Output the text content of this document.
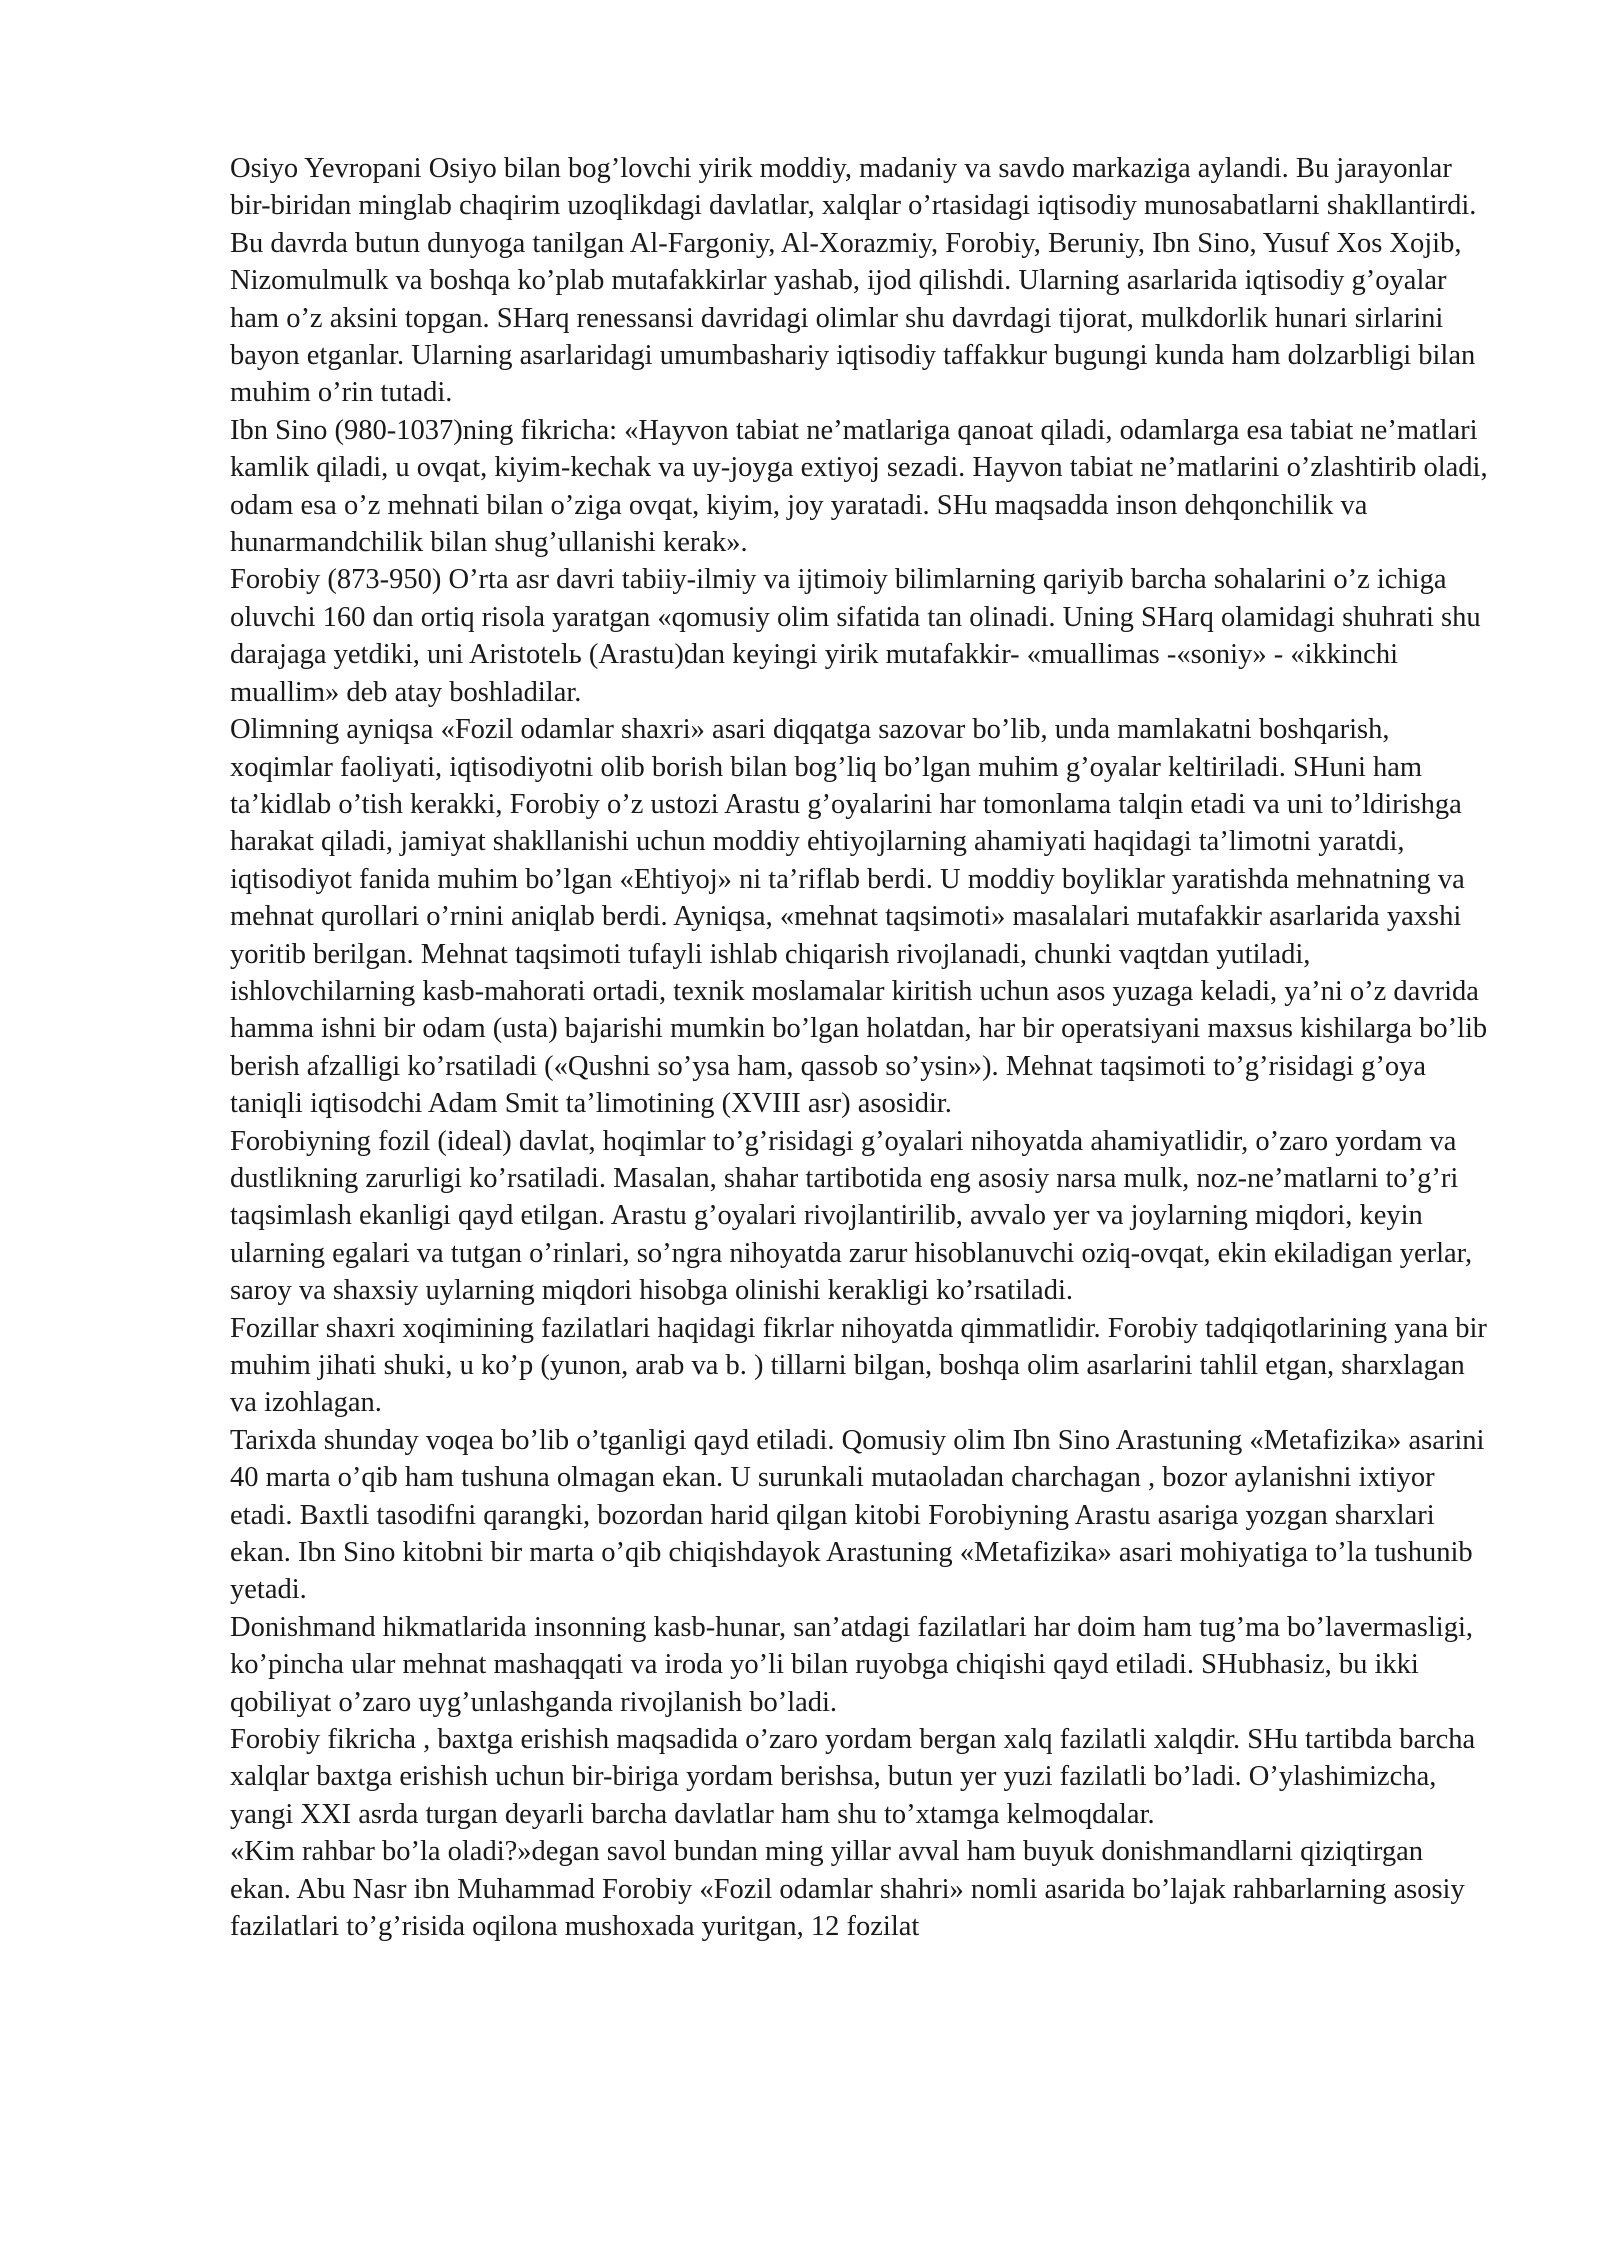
Osiyo Yevropani Osiyo bilan bog’lovchi yirik moddiy, madaniy va savdo markaziga aylandi. Bu jarayonlar bir-biridan minglab chaqirim uzoqlikdagi davlatlar, xalqlar o’rtasidagi iqtisodiy munosabatlarni shakllantirdi.

Bu davrda butun dunyoga tanilgan Al-Fargoniy, Al-Xorazmiy, Forobiy, Beruniy, Ibn Sino, Yusuf Xos Xojib, Nizomulmulk va boshqa ko’plab mutafakkirlar yashab, ijod qilishdi. Ularning asarlarida iqtisodiy g’oyalar ham o’z aksini topgan. SHarq renessansi davridagi olimlar shu davrdagi tijorat, mulkdorlik hunari sirlarini bayon etganlar. Ularning asarlaridagi umumbashariy iqtisodiy taffakkur bugungi kunda ham dolzarbligi bilan muhim o’rin tutadi.

Ibn Sino (980-1037)ning fikricha: «Hayvon tabiat ne’matlariga qanoat qiladi, odamlarga esa tabiat ne’matlari kamlik qiladi, u ovqat, kiyim-kechak va uy-joyga extiyoj sezadi. Hayvon tabiat ne’matlarini o’zlashtirib oladi, odam esa o’z mehnati bilan o’ziga ovqat, kiyim, joy yaratadi. SHu maqsadda inson dehqonchilik va hunarmandchilik bilan shug’ullanishi kerak».

Forobiy (873-950) O’rta asr davri tabiiy-ilmiy va ijtimoiy bilimlarning qariyib barcha sohalarini o’z ichiga oluvchi 160 dan ortiq risola yaratgan «qomusiy olim sifatida tan olinadi. Uning SHarq olamidagi shuhrati shu darajaga yetdiki, uni Aristotelь (Arastu)dan keyingi yirik mutafakkir- «muallimas -«soniy» - «ikkinchi muallim» deb atay boshladilar.

Olimning ayniqsa «Fozil odamlar shaxri» asari diqqatga sazovar bo’lib, unda mamlakatni boshqarish, xoqimlar faoliyati, iqtisodiyotni olib borish bilan bog’liq bo’lgan muhim g’oyalar keltiriladi. SHuni ham ta’kidlab o’tish kerakki, Forobiy o’z ustozi Arastu g’oyalarini har tomonlama talqin etadi va uni to’ldirishga harakat qiladi, jamiyat shakllanishi uchun moddiy ehtiyojlarning ahamiyati haqidagi ta’limotni yaratdi, iqtisodiyot fanida muhim bo’lgan «Ehtiyoj» ni ta’riflab berdi. U moddiy boyliklar yaratishda mehnatning va mehnat qurollari o’rnini aniqlab berdi. Ayniqsa, «mehnat taqsimoti» masalalari mutafakkir asarlarida yaxshi yoritib berilgan. Mehnat taqsimoti tufayli ishlab chiqarish rivojlanadi, chunki vaqtdan yutiladi, ishlovchilarning kasb-mahorati ortadi, texnik moslamalar kiritish uchun asos yuzaga keladi, ya’ni o’z davrida hamma ishni bir odam (usta) bajarishi mumkin bo’lgan holatdan, har bir operatsiyani maxsus kishilarga bo’lib berish afzalligi ko’rsatiladi («Qushni so’ysa ham, qassob so’ysin»). Mehnat taqsimoti to’g’risidagi g’oya taniqli iqtisodchi Adam Smit ta’limotining (XVIII asr) asosidir.

Forobiyning fozil (ideal) davlat, hoqimlar to’g’risidagi g’oyalari nihoyatda ahamiyatlidir, o’zaro yordam va dustlikning zarurligi ko’rsatiladi. Masalan, shahar tartibotida eng asosiy narsa mulk, noz-ne’matlarni to’g’ri taqsimlash ekanligi qayd etilgan. Arastu g’oyalari rivojlantirilib, avvalo yer va joylarning miqdori, keyin ularning egalari va tutgan o’rinlari, so’ngra nihoyatda zarur hisoblanuvchi oziq-ovqat, ekin ekiladigan yerlar, saroy va shaxsiy uylarning miqdori hisobga olinishi kerakligi ko’rsatiladi.

Fozillar shaxri xoqimining fazilatlari haqidagi fikrlar nihoyatda qimmatlidir. Forobiy tadqiqotlarining yana bir muhim jihati shuki, u ko’p (yunon, arab va b. ) tillarni bilgan, boshqa olim asarlarini tahlil etgan, sharxlagan va izohlagan.

Tarixda shunday voqea bo’lib o’tganligi qayd etiladi. Qomusiy olim Ibn Sino Arastuning «Metafizika» asarini 40 marta o’qib ham tushuna olmagan ekan. U surunkali mutaoladan charchagan , bozor aylanishni ixtiyor etadi. Baxtli tasodifni qarangki, bozordan harid qilgan kitobi Forobiyning Arastu asariga yozgan sharxlari ekan. Ibn Sino kitobni bir marta o’qib chiqishdayok Arastuning «Metafizika» asari mohiyatiga to’la tushunib yetadi.

Donishmand hikmatlarida insonning kasb-hunar, san’atdagi fazilatlari har doim ham tug’ma bo’lavermasligi, ko’pincha ular mehnat mashaqqati va iroda yo’li bilan ruyobga chiqishi qayd etiladi. SHubhasiz, bu ikki qobiliyat o’zaro uyg’unlashganda rivojlanish bo’ladi.

Forobiy fikricha , baxtga erishish maqsadida o’zaro yordam bergan xalq fazilatli xalqdir. SHu tartibda barcha xalqlar baxtga erishish uchun bir-biriga yordam berishsa, butun yer yuzi fazilatli bo’ladi. O’ylashimizcha, yangi XXI asrda turgan deyarli barcha davlatlar ham shu to’xtamga kelmoqdalar.

«Kim rahbar bo’la oladi?»degan savol bundan ming yillar avval ham buyuk donishmandlarni qiziqtirgan ekan. Abu Nasr ibn Muhammad Forobiy «Fozil odamlar shahri» nomli asarida bo’lajak rahbarlarning asosiy fazilatlari to’g’risida oqilona mushoxada yuritgan, 12 fozilat
